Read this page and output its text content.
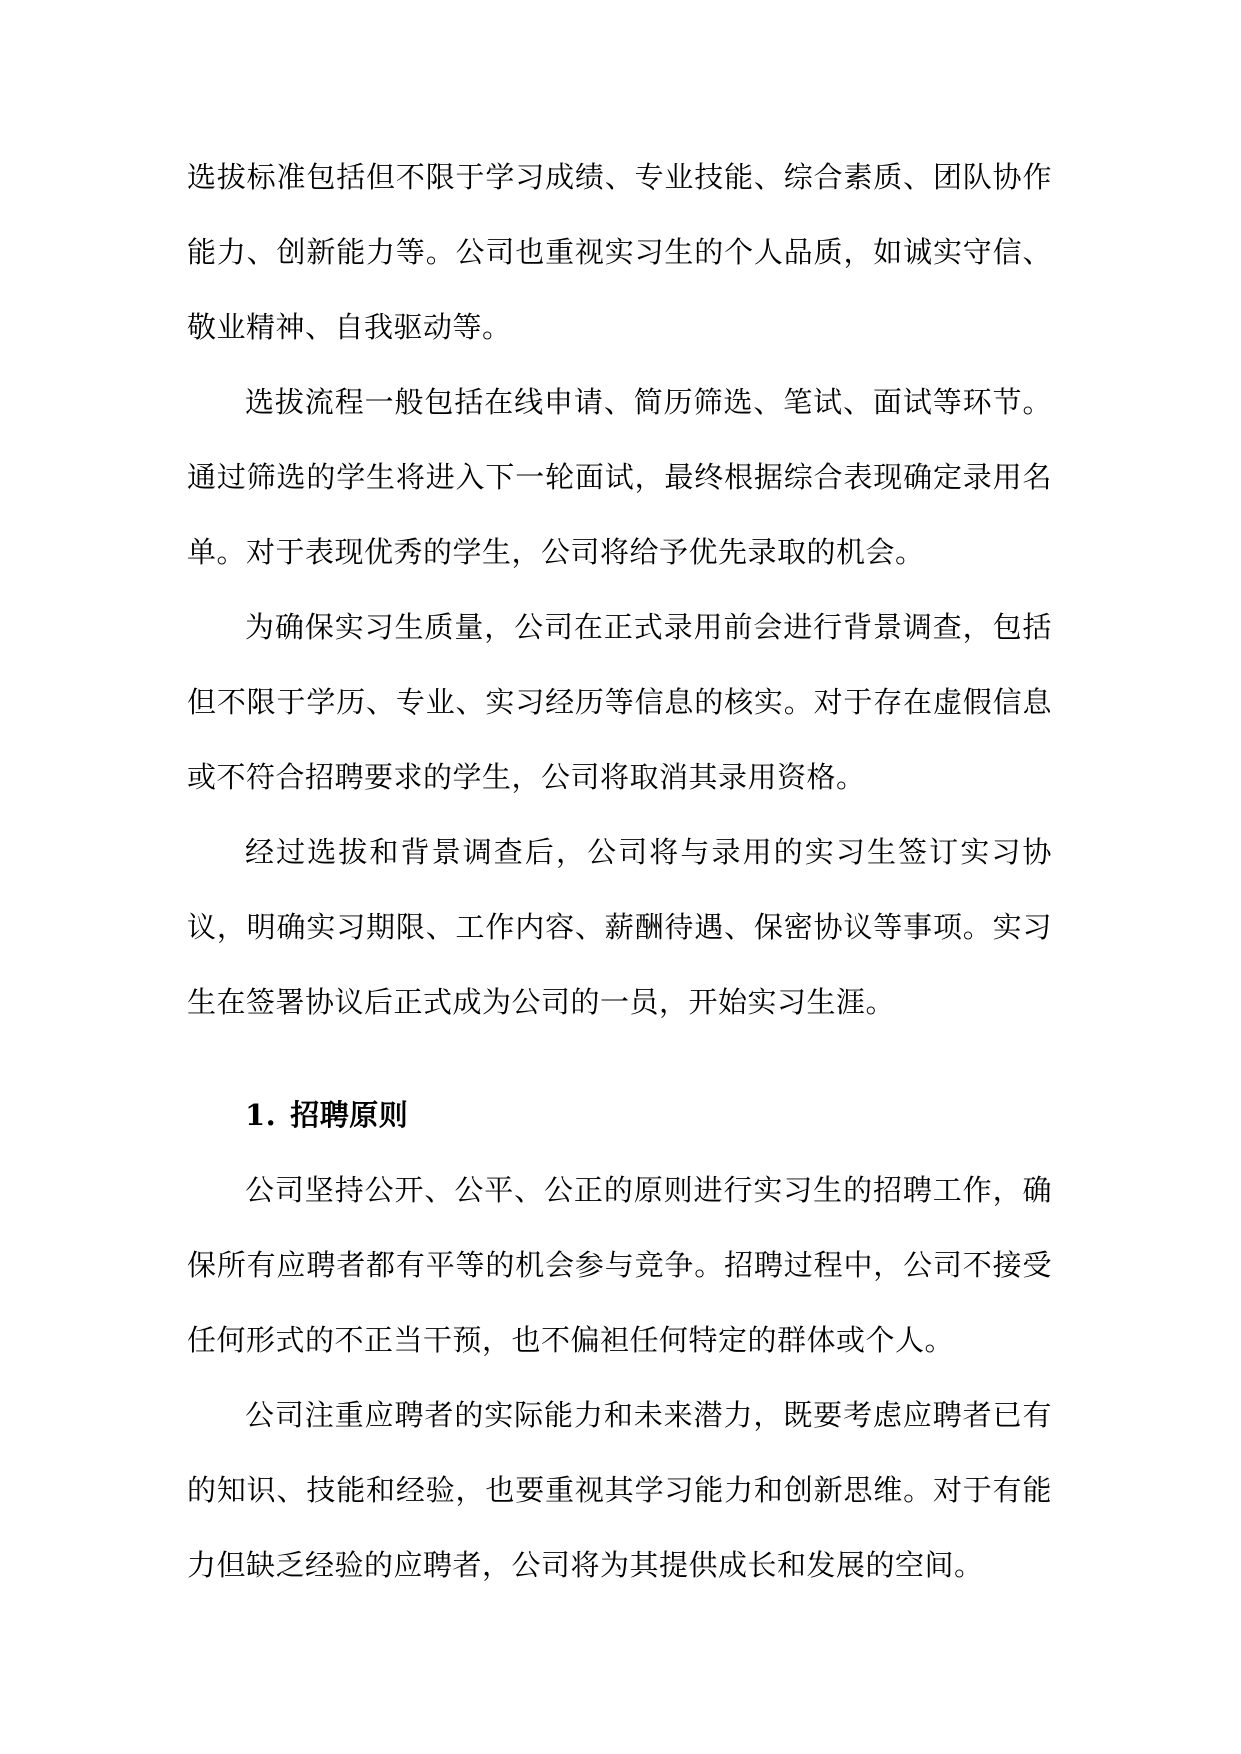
选拔标准包括但不限于学习成绩、专业技能、综合素质、团队协作能力、创新能力等。公司也重视实习生的个人品质，如诚实守信、敬业精神、自我驱动等。

选拔流程一般包括在线申请、简历筛选、笔试、面试等环节。通过筛选的学生将进入下一轮面试，最终根据综合表现确定录用名单。对于表现优秀的学生，公司将给予优先录取的机会。

为确保实习生质量，公司在正式录用前会进行背景调查，包括但不限于学历、专业、实习经历等信息的核实。对于存在虚假信息或不符合招聘要求的学生，公司将取消其录用资格。

经过选拔和背景调查后，公司将与录用的实习生签订实习协议，明确实习期限、工作内容、薪酬待遇、保密协议等事项。实习生在签署协议后正式成为公司的一员，开始实习生涯。

1. 招聘原则

公司坚持公开、公平、公正的原则进行实习生的招聘工作，确保所有应聘者都有平等的机会参与竞争。招聘过程中，公司不接受任何形式的不正当干预，也不偏袒任何特定的群体或个人。

公司注重应聘者的实际能力和未来潜力，既要考虑应聘者已有的知识、技能和经验，也要重视其学习能力和创新思维。对于有能力但缺乏经验的应聘者，公司将为其提供成长和发展的空间。
